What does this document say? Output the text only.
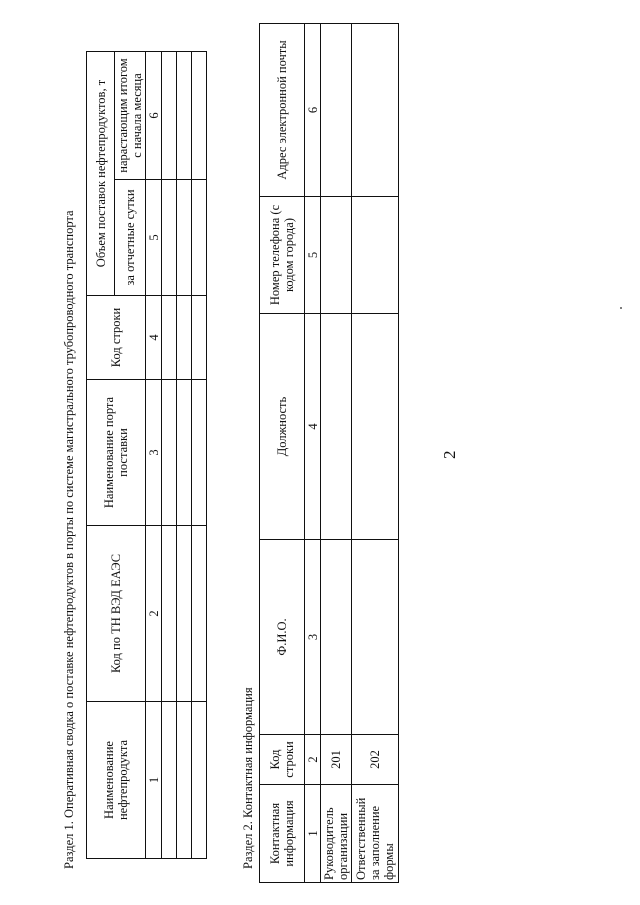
2
Раздел 1. Оперативная сводка о поставке нефтепродуктов в порты по системе магистрального трубопроводного транспорта Наименование нефтепродукта	Код по ТН ВЭД ЕАЭС	Наименование порта поставки	Код строки	Объем поставок нефтепродуктов, т	
				за отчетные сутки	нарастающим итогом с начала месяца
1	2	3	4	5	6

Раздел 2. Контактная информация Контактная информация	Код строки	Ф.И.О.	Должность	Номер телефона (с кодом города)	Адрес электронной почты
1	2	3	4	5	6
Руководитель организации	201				
Ответственный за заполнение формы	202				
